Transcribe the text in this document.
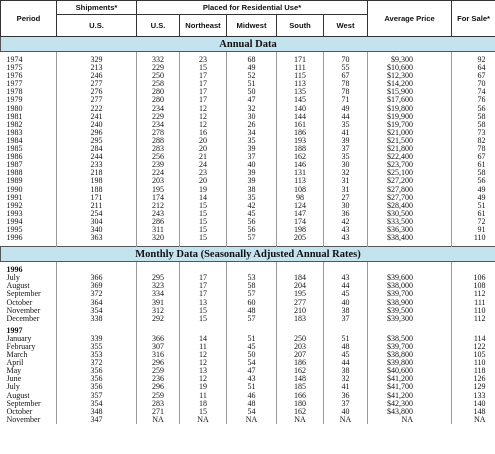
Period	Shipments*	Placed for Residential Use*					Average Price	For Sale*
	U.S.	U.S.	Northeast	Midwest	South	West		
Annual Data								

1974	329	332	23	68	171	70	$9,300	92
1975	213	229	15	49	111	55	$10,600	64
1976	246	250	17	52	115	67	$12,300	67
1977	277	258	17	51	113	78	$14,200	70
1978	276	280	17	50	135	78	$15,900	74
1979	277	280	17	47	145	71	$17,600	76
1980	222	234	12	32	140	49	$19,800	56
1981	241	229	12	30	144	44	$19,900	58
1982	240	234	12	26	161	35	$19,700	58
1983	296	278	16	34	186	41	$21,000	73
1984	295	288	20	35	193	39	$21,500	82
1985	284	283	20	39	188	37	$21,800	78
1986	244	256	21	37	162	35	$22,400	67
1987	233	239	24	40	146	30	$23,700	61
1988	218	224	23	39	131	32	$25,100	58
1989	198	203	20	39	113	31	$27,200	56
1990	188	195	19	38	108	31	$27,800	49
1991	171	174	14	35	98	27	$27,700	49
1992	211	212	15	42	124	30	$28,400	51
1993	254	243	15	45	147	36	$30,500	61
1994	304	286	15	56	174	42	$33,500	72
1995	340	311	15	56	198	43	$36,300	91
1996	363	320	15	57	205	43	$38,400	110

Monthly Data (Seasonally Adjusted Annual Rates)								

1996								
July	366	295	17	53	184	43	$39,600	106
August	369	323	17	58	204	44	$38,000	108
September	372	334	17	57	195	45	$39,700	112
October	364	391	13	60	277	40	$38,900	111
November	354	312	15	48	210	38	$39,500	110
December	338	292	15	57	183	37	$39,300	112

1997								
January	339	366	14	51	250	51	$38,500	114
February	355	307	11	45	203	48	$39,700	122
March	353	316	12	50	207	45	$38,800	105
April	372	296	12	54	186	44	$39,800	110
May	356	259	13	47	162	38	$40,600	118
June	356	236	12	43	148	32	$41,200	126
July	356	296	19	51	185	41	$41,700	129
August	357	259	11	46	166	36	$41,200	133
September	354	283	18	48	180	37	$42,300	140
October	348	271	15	54	162	40	$43,800	148
November	347	NA	NA	NA	NA	NA	NA	NA
